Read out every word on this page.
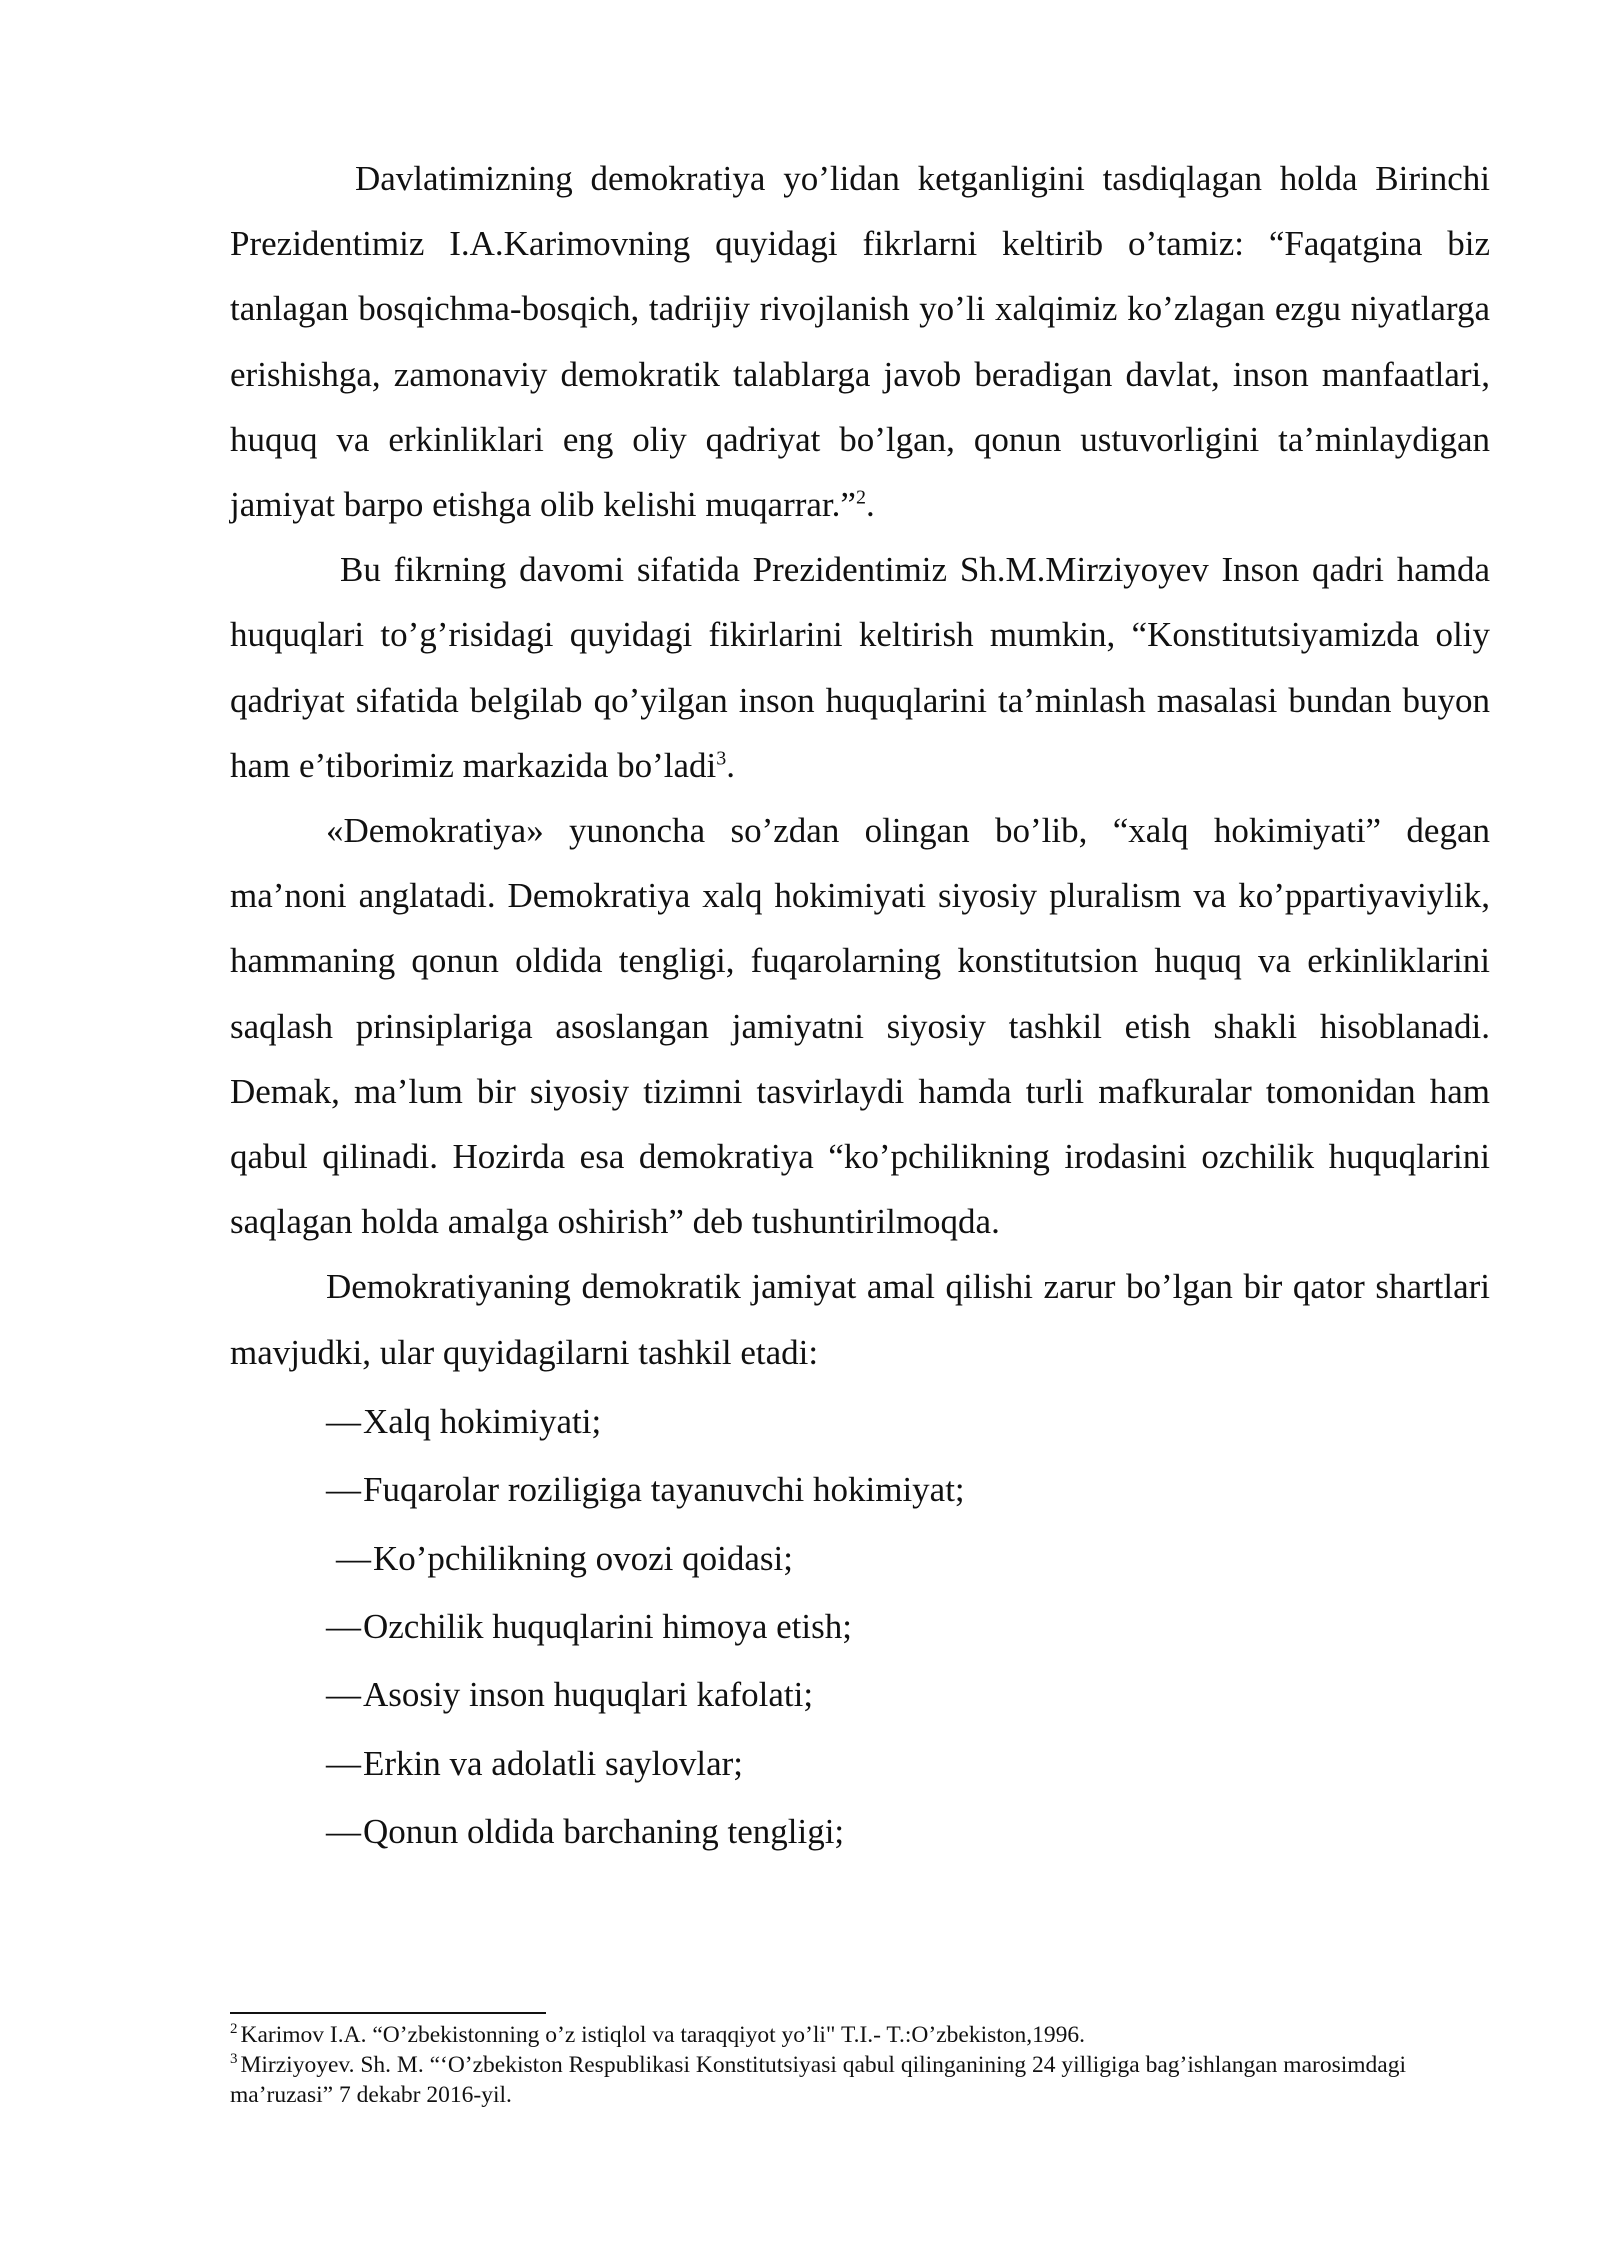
Davlatimizning demokratiya yo’lidan ketganligini tasdiqlagan holda Birinchi Prezidentimiz I.A.Karimovning quyidagi fikrlarni keltirib o’tamiz: “Faqatgina biz tanlagan bosqichma-bosqich, tadrijiy rivojlanish yo’li xalqimiz ko’zlagan ezgu niyatlarga erishishga, zamonaviy demokratik talablarga javob beradigan davlat, inson manfaatlari, huquq va erkinliklari eng oliy qadriyat bo’lgan, qonun ustuvorligini ta’minlaydigan jamiyat barpo etishga olib kelishi muqarrar.”$^2$.

Bu fikrning davomi sifatida Prezidentimiz Sh.M.Mirziyoyev Inson qadri hamda huquqlari to’g’risidagi quyidagi fikirlarini keltirish mumkin, “Konstitutsiyamizda oliy qadriyat sifatida belgilab qo’yilgan inson huquqlarini ta’minlash masalasi bundan buyon ham e’tiborimiz markazida bo’ladi$^3$.

«Demokratiya» yunoncha so’zdan olingan bo’lib, “xalq hokimiyati” degan ma’noni anglatadi. Demokratiya xalq hokimiyati siyosiy pluralism va ko’ppartiyaviylik, hammaning qonun oldida tengligi, fuqarolarning konstitutsion huquq va erkinliklarini saqlash prinsiplariga asoslangan jamiyatni siyosiy tashkil etish shakli hisoblanadi. Demak, ma’lum bir siyosiy tizimni tasvirlaydi hamda turli mafkuralar tomonidan ham qabul qilinadi. Hozirda esa demokratiya “ko’pchilikning irodasini ozchilik huquqlarini saqlagan holda amalga oshirish” deb tushuntirilmoqda.

Demokratiyaning demokratik jamiyat amal qilishi zarur bo’lgan bir qator shartlari mavjudki, ular quyidagilarni tashkil etadi:

—Xalq hokimiyati;
—Fuqarolar roziligiga tayanuvchi hokimiyat;
—Ko’pchilikning ovozi qoidasi;
—Ozchilik huquqlarini himoya etish;
—Asosiy inson huquqlari kafolati;
—Erkin va adolatli saylovlar;
—Qonun oldida barchaning tengligi;

$^2$ Karimov I.A. “O’zbekistonning o’z istiqlol va taraqqiyot yo’li" T.I.- T.:O’zbekiston,1996.

$^3$ Mirziyoyev. Sh. M. “‘O’zbekiston Respublikasi Konstitutsiyasi qabul qilinganining 24 yilligiga bag’ishlangan marosimdagi ma’ruzasi” 7 dekabr 2016-yil.
